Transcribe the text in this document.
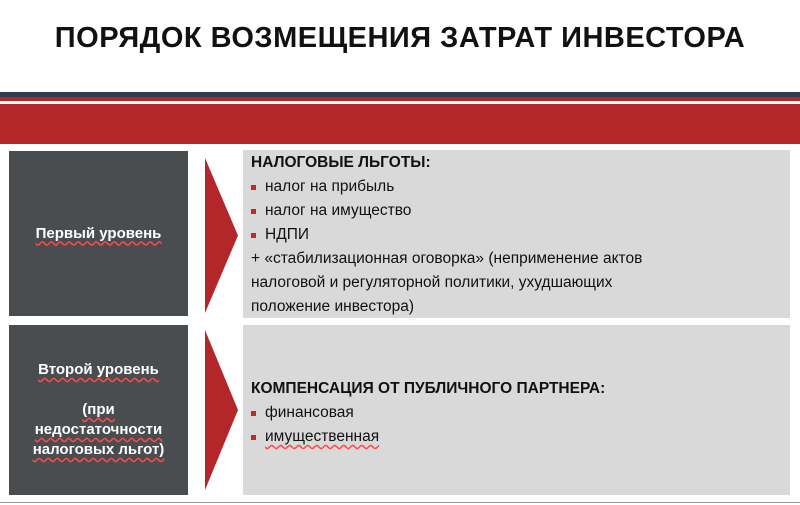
ПОРЯДОК ВОЗМЕЩЕНИЯ ЗАТРАТ ИНВЕСТОРА
Первый уровень
НАЛОГОВЫЕ ЛЬГОТЫ:
налог на прибыль
налог на имущество
НДПИ
+ «стабилизационная оговорка» (неприменение актов
налоговой и регуляторной политики, ухудшающих
положение инвестора)
Второй уровень
(при
недостаточности
налоговых льгот)
КОМПЕНСАЦИЯ ОТ ПУБЛИЧНОГО ПАРТНЕРА:
финансовая
имущественная
